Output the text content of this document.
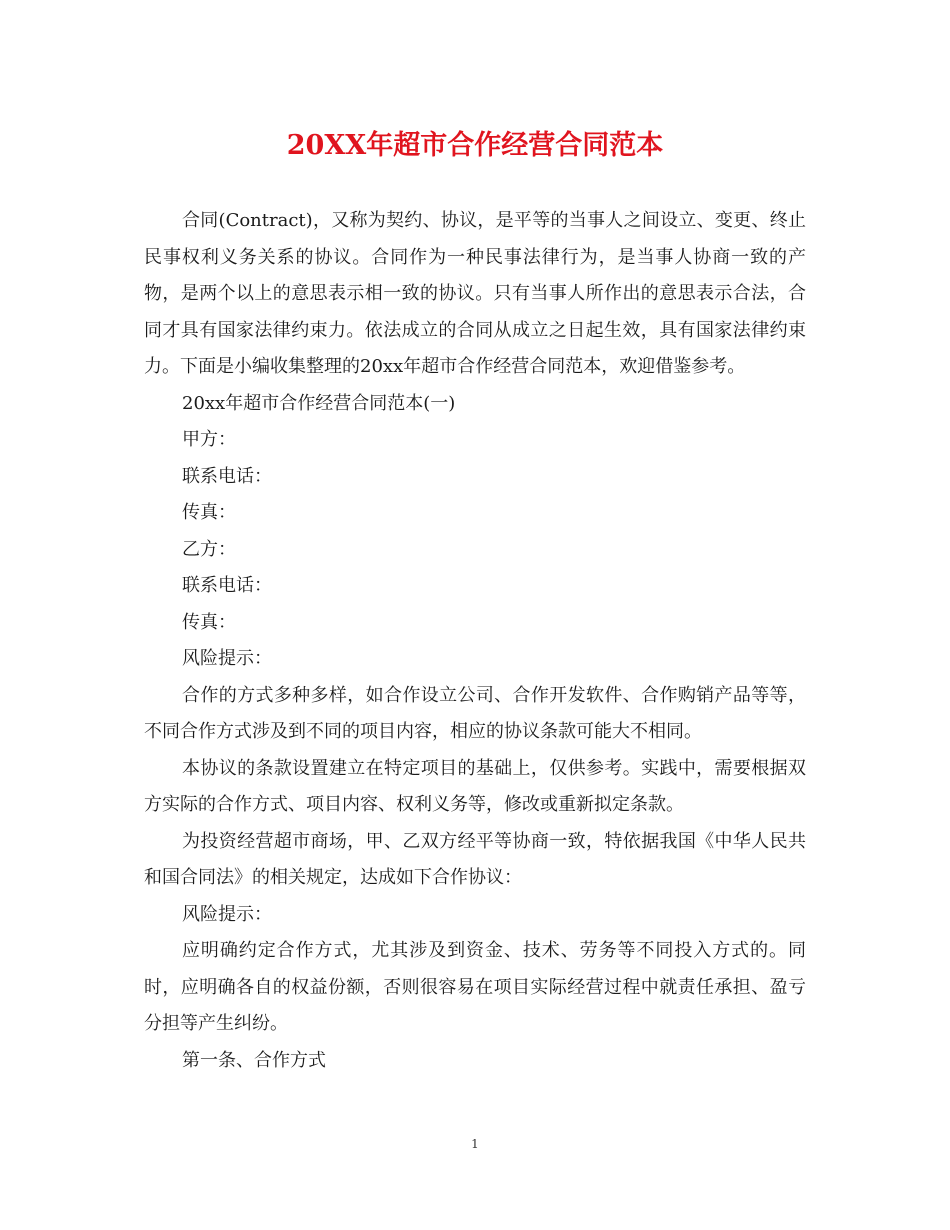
20XX年超市合作经营合同范本

合同(Contract)，又称为契约、协议，是平等的当事人之间设立、变更、终止民事权利义务关系的协议。合同作为一种民事法律行为，是当事人协商一致的产物，是两个以上的意思表示相一致的协议。只有当事人所作出的意思表示合法，合同才具有国家法律约束力。依法成立的合同从成立之日起生效，具有国家法律约束力。下面是小编收集整理的20xx年超市合作经营合同范本，欢迎借鉴参考。

20xx年超市合作经营合同范本(一)

甲方：

联系电话：

传真：

乙方：

联系电话：

传真：

风险提示：

合作的方式多种多样，如合作设立公司、合作开发软件、合作购销产品等等，不同合作方式涉及到不同的项目内容，相应的协议条款可能大不相同。

本协议的条款设置建立在特定项目的基础上，仅供参考。实践中，需要根据双方实际的合作方式、项目内容、权利义务等，修改或重新拟定条款。

为投资经营超市商场，甲、乙双方经平等协商一致，特依据我国《中华人民共和国合同法》的相关规定，达成如下合作协议：

风险提示：

应明确约定合作方式，尤其涉及到资金、技术、劳务等不同投入方式的。同时，应明确各自的权益份额，否则很容易在项目实际经营过程中就责任承担、盈亏分担等产生纠纷。

第一条、合作方式

1
